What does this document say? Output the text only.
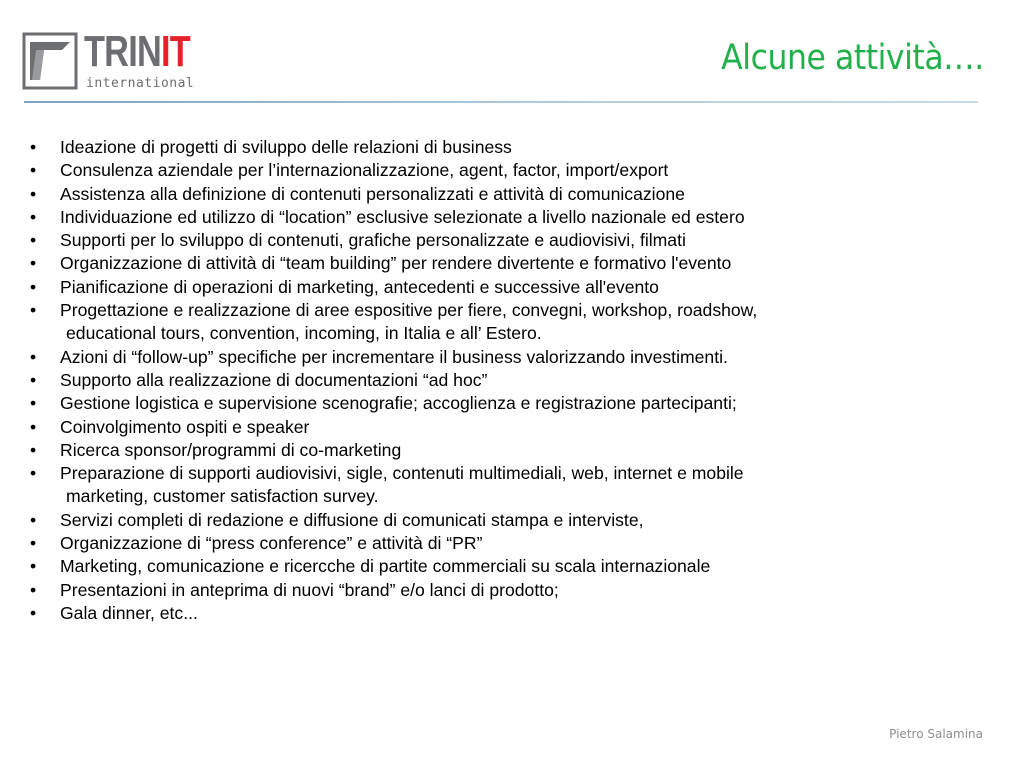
TRINIT
international
Alcune attività….
•	Ideazione di progetti di sviluppo delle relazioni di business
•	Consulenza aziendale per l’internazionalizzazione, agent, factor, import/export
•	Assistenza alla definizione di contenuti personalizzati e attività di comunicazione
•	Individuazione ed utilizzo di “location” esclusive selezionate a livello nazionale ed estero
•	Supporti per lo sviluppo di contenuti, grafiche personalizzate e audiovisivi, filmati
•	Organizzazione di attività di “team building” per rendere divertente e formativo l'evento
•	Pianificazione di operazioni di marketing, antecedenti e successive all'evento
•	Progettazione e realizzazione di aree espositive per fiere, convegni, workshop, roadshow,
educational tours, convention, incoming, in Italia e all’ Estero.
•	Azioni di “follow-up” specifiche per incrementare il business valorizzando investimenti.
•	Supporto alla realizzazione di documentazioni “ad hoc”
•	Gestione logistica e supervisione scenografie; accoglienza e registrazione partecipanti;
•	Coinvolgimento ospiti e speaker
•	Ricerca sponsor/programmi di co-marketing
•	Preparazione di supporti audiovisivi, sigle, contenuti multimediali, web, internet e mobile
marketing, customer satisfaction survey.
•	Servizi completi di redazione e diffusione di comunicati stampa e interviste,
•	Organizzazione di “press conference” e attività di “PR”
•	Marketing, comunicazione e ricercche di partite commerciali su scala internazionale
•	Presentazioni in anteprima di nuovi “brand” e/o lanci di prodotto;
•	Gala dinner, etc...
Pietro Salamina
